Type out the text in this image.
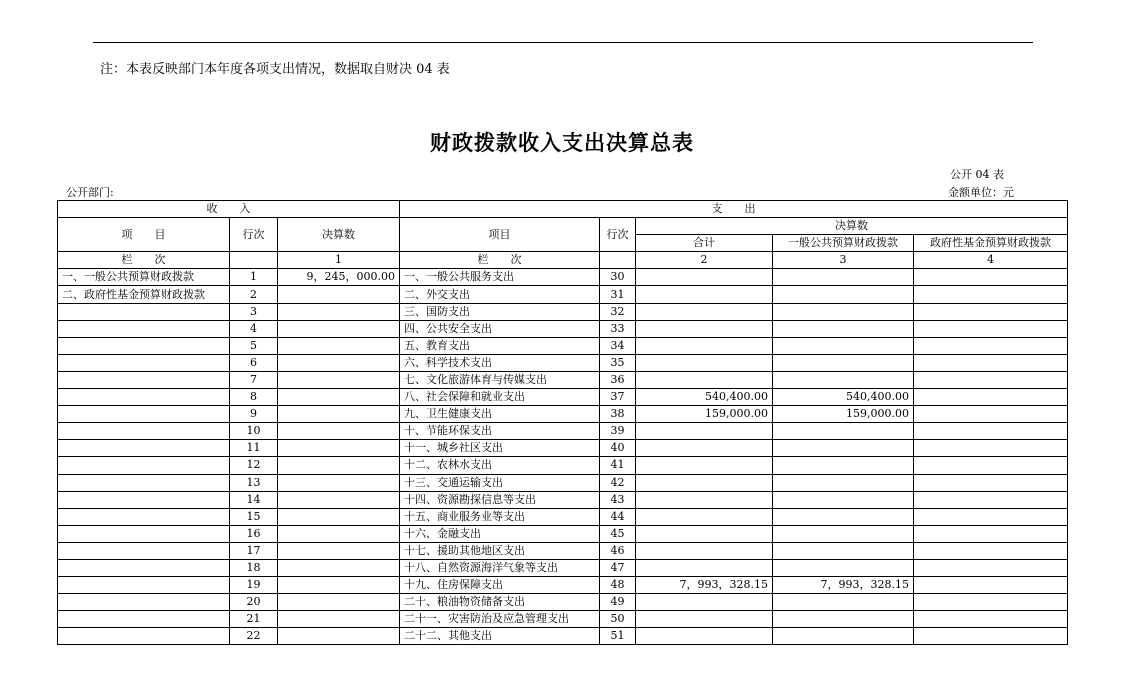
注：本表反映部门本年度各项支出情况，数据取自财决 04 表
财政拨款收入支出决算总表
公开 04 表
公开部门:	金额单位：元
收　　入			支　　出				
项　　目	行次	决算数	项目	行次	决算数		
					合计	一般公共预算财政拨款	政府性基金预算财政拨款
栏　　次		1	栏　　次		2	3	4
一、一般公共预算财政拨款	1	9，245，000.00	一、一般公共服务支出	30			
二、政府性基金预算财政拨款	2		二、外交支出	31			
	3		三、国防支出	32			
	4		四、公共安全支出	33			
	5		五、教育支出	34			
	6		六、科学技术支出	35			
	7		七、文化旅游体育与传媒支出	36			
	8		八、社会保障和就业支出	37	540,400.00	540,400.00	
	9		九、卫生健康支出	38	159,000.00	159,000.00	
	10		十、节能环保支出	39			
	11		十一、城乡社区支出	40			
	12		十二、农林水支出	41			
	13		十三、交通运输支出	42			
	14		十四、资源勘探信息等支出	43			
	15		十五、商业服务业等支出	44			
	16		十六、金融支出	45			
	17		十七、援助其他地区支出	46			
	18		十八、自然资源海洋气象等支出	47			
	19		十九、住房保障支出	48	7，993，328.15	7，993，328.15	
	20		二十、粮油物资储备支出	49			
	21		二十一、灾害防治及应急管理支出	50			
	22		二十二、其他支出	51			
